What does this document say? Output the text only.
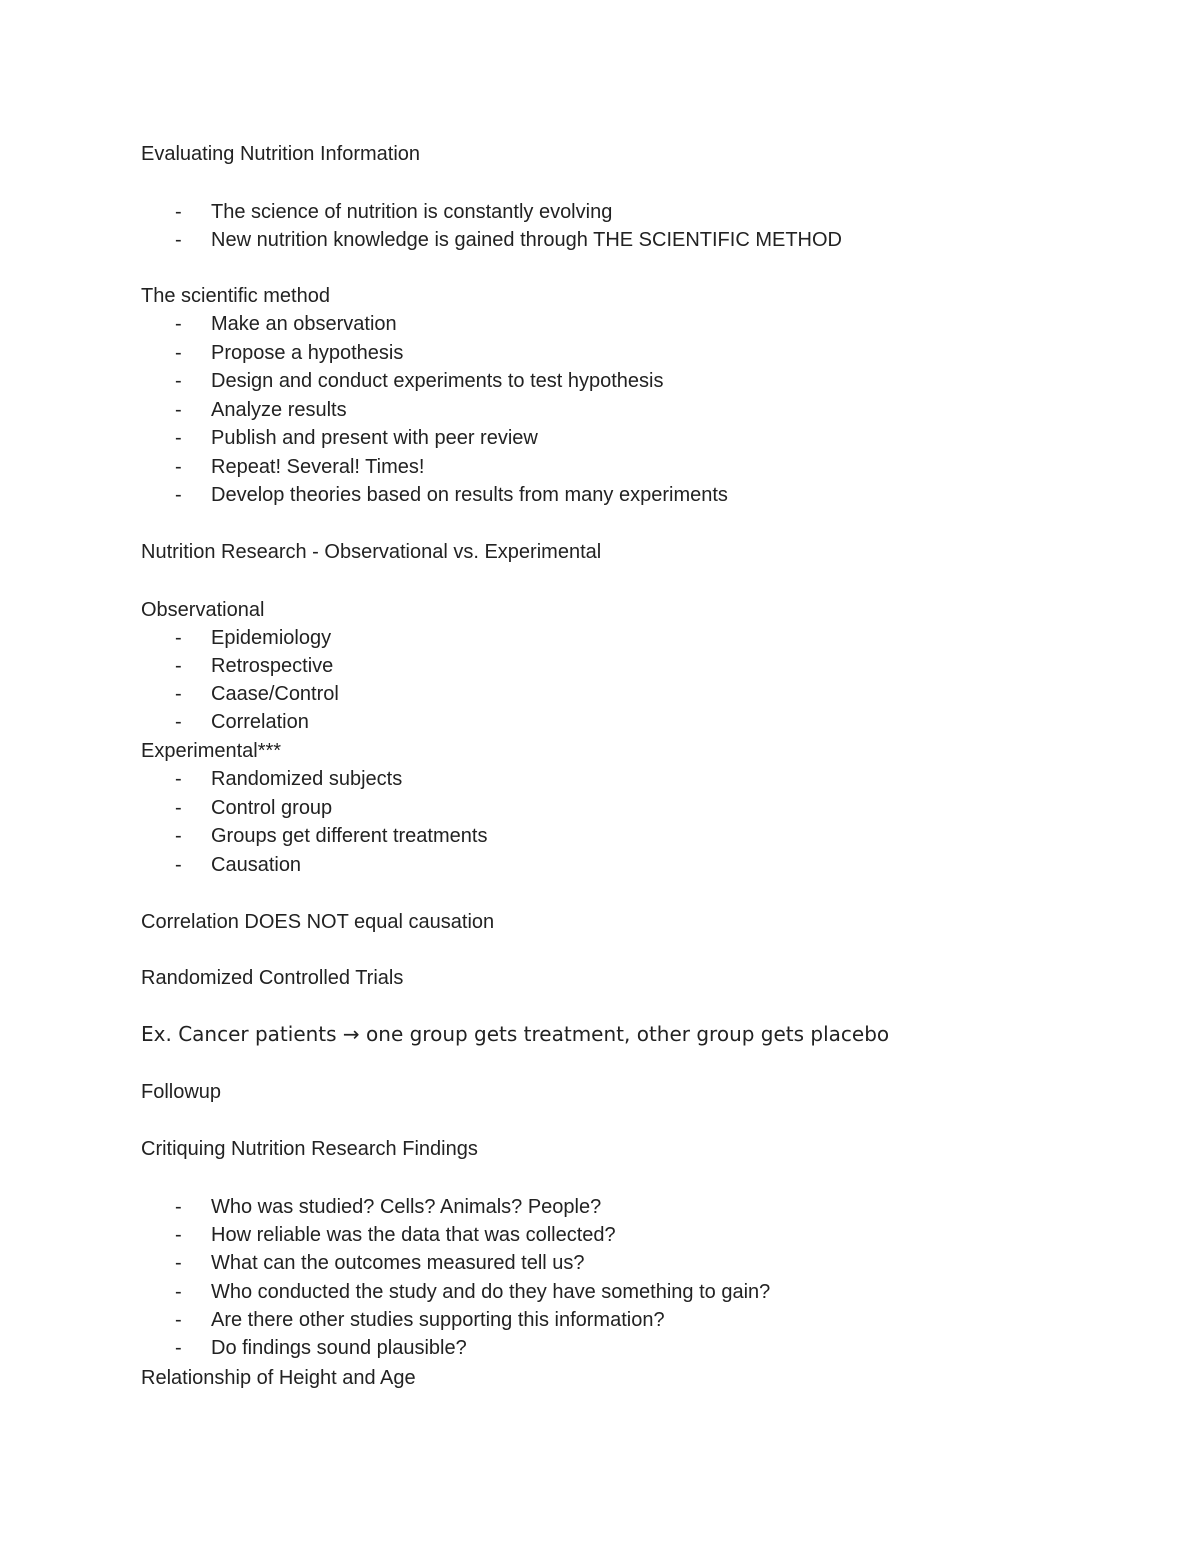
Evaluating Nutrition Information
- The science of nutrition is constantly evolving
- New nutrition knowledge is gained through THE SCIENTIFIC METHOD
The scientific method
- Make an observation
- Propose a hypothesis
- Design and conduct experiments to test hypothesis
- Analyze results
- Publish and present with peer review
- Repeat! Several! Times!
- Develop theories based on results from many experiments
Nutrition Research - Observational vs. Experimental
Observational
- Epidemiology
- Retrospective
- Caase/Control
- Correlation
Experimental***
- Randomized subjects
- Control group
- Groups get different treatments
- Causation
Correlation DOES NOT equal causation
Randomized Controlled Trials
Ex. Cancer patients → one group gets treatment, other group gets placebo
Followup
Critiquing Nutrition Research Findings
- Who was studied? Cells? Animals? People?
- How reliable was the data that was collected?
- What can the outcomes measured tell us?
- Who conducted the study and do they have something to gain?
- Are there other studies supporting this information?
- Do findings sound plausible?
Relationship of Height and Age
